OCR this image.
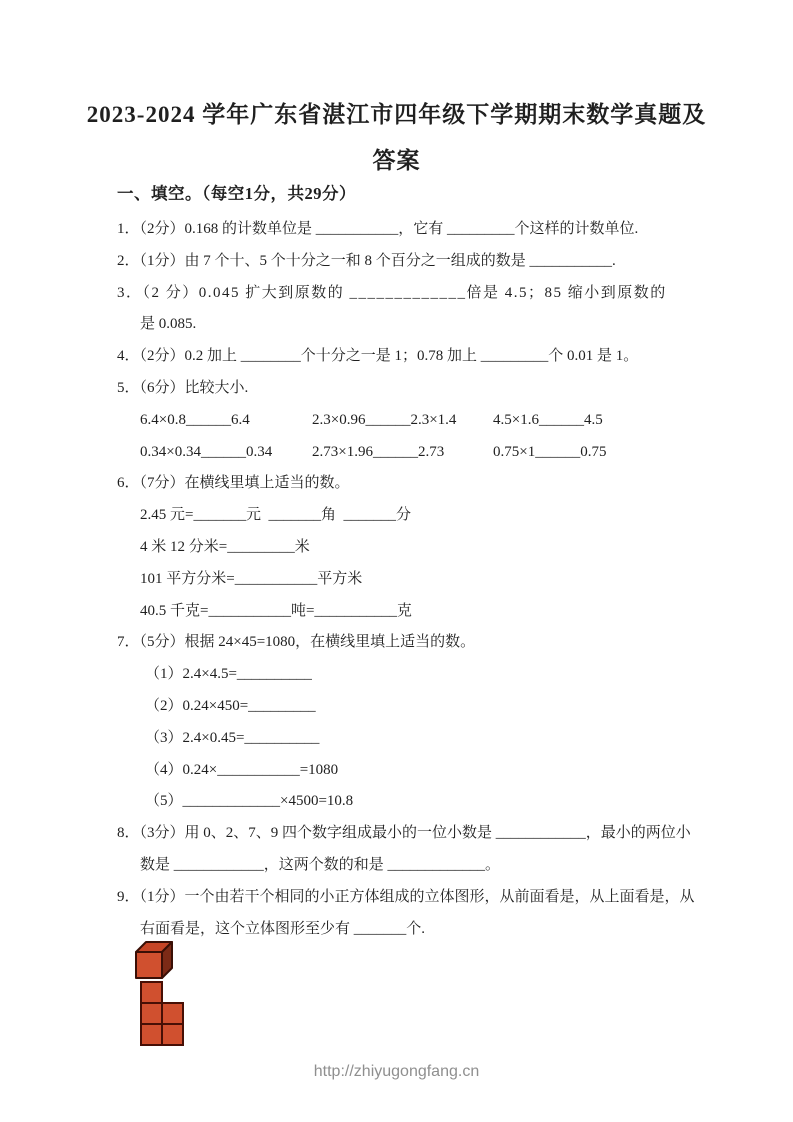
2023-2024 学年广东省湛江市四年级下学期期末数学真题及
答案
一、填空。（每空1分，共29分）
1．（2分）0.168 的计数单位是 ___________，它有 _________个这样的计数单位.
2．（1分）由 7 个十、5 个十分之一和 8 个百分之一组成的数是 ___________.
3．（2 分）0.045 扩大到原数的 _____________倍是 4.5；85 缩小到原数的
是 0.085.
4．（2分）0.2 加上 ________个十分之一是 1；0.78 加上 _________个 0.01 是 1。
5．（6分）比较大小.
6.4×0.8______6.4	2.3×0.96______2.3×1.4	4.5×1.6______4.5
0.34×0.34______0.34	2.73×1.96______2.73	0.75×1______0.75
6．（7分）在横线里填上适当的数。
2.45 元=_______元  _______角  _______分
4 米 12 分米=_________米
101 平方分米=___________平方米
40.5 千克=___________吨=___________克
7．（5分）根据 24×45=1080，在横线里填上适当的数。
（1）2.4×4.5=__________
（2）0.24×450=_________
（3）2.4×0.45=__________
（4）0.24×___________=1080
（5）_____________×4500=10.8
8．（3分）用 0、2、7、9 四个数字组成最小的一位小数是 ____________，最小的两位小
数是 ____________，这两个数的和是 _____________。
9．（1分）一个由若干个相同的小正方体组成的立体图形，从前面看是，从上面看是，从
右面看是，这个立体图形至少有 _______个.
http://zhiyugongfang.cn
